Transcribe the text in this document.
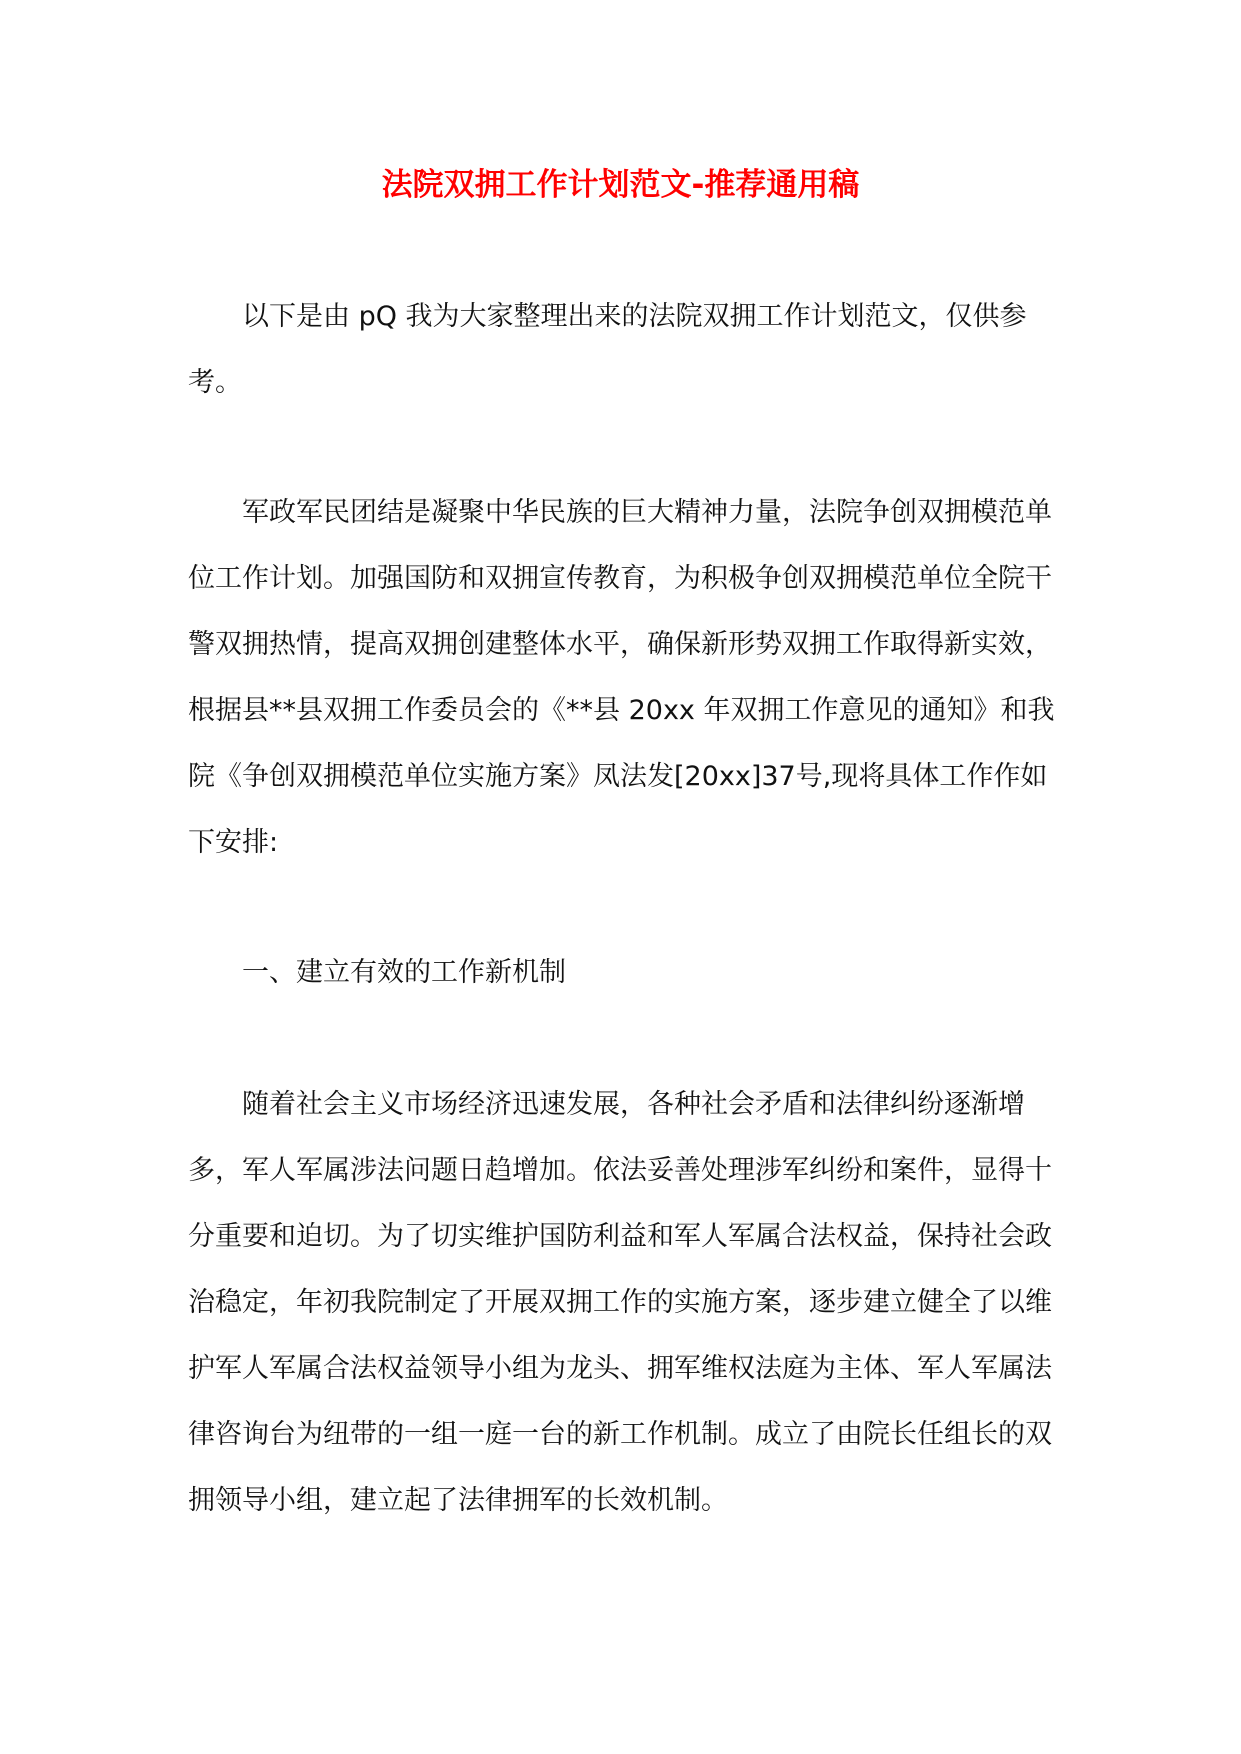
法院双拥工作计划范文-推荐通用稿

以下是由 pQ 我为大家整理出来的法院双拥工作计划范文，仅供参考。

军政军民团结是凝聚中华民族的巨大精神力量，法院争创双拥模范单位工作计划。加强国防和双拥宣传教育，为积极争创双拥模范单位全院干警双拥热情，提高双拥创建整体水平，确保新形势双拥工作取得新实效，根据县**县双拥工作委员会的《**县 20xx 年双拥工作意见的通知》和我院《争创双拥模范单位实施方案》凤法发[20xx]37号,现将具体工作作如下安排:

一、建立有效的工作新机制

随着社会主义市场经济迅速发展，各种社会矛盾和法律纠纷逐渐增多，军人军属涉法问题日趋增加。依法妥善处理涉军纠纷和案件，显得十分重要和迫切。为了切实维护国防利益和军人军属合法权益，保持社会政治稳定，年初我院制定了开展双拥工作的实施方案，逐步建立健全了以维护军人军属合法权益领导小组为龙头、拥军维权法庭为主体、军人军属法律咨询台为纽带的一组一庭一台的新工作机制。成立了由院长任组长的双拥领导小组，建立起了法律拥军的长效机制。
